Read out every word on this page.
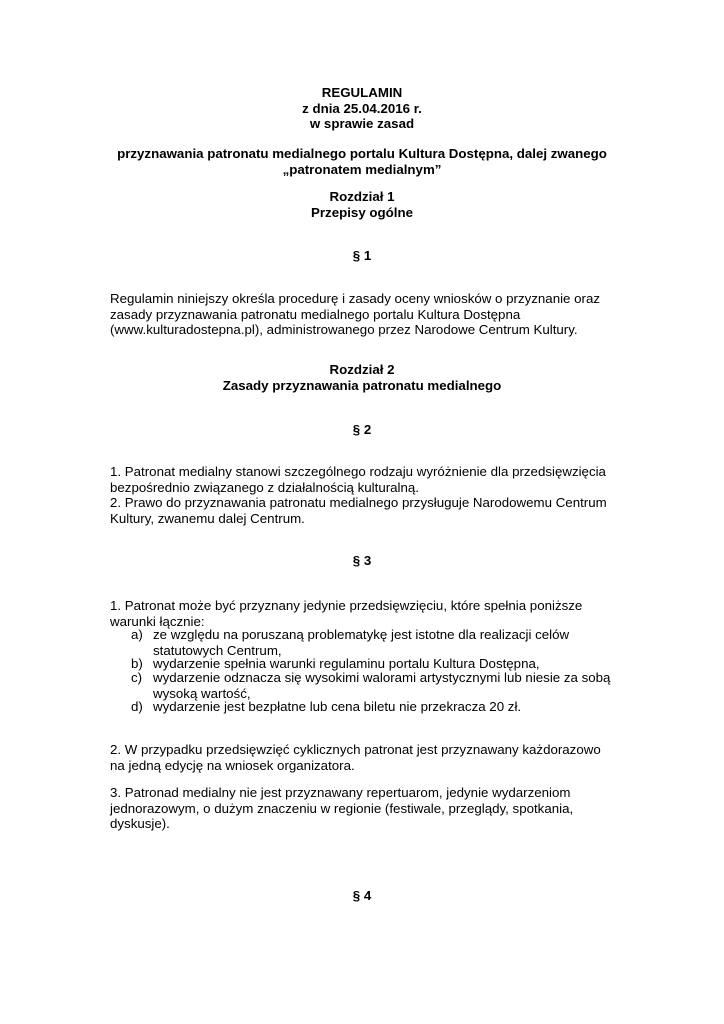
REGULAMIN
z dnia 25.04.2016 r.
w sprawie zasad
przyznawania patronatu medialnego portalu Kultura Dostępna, dalej zwanego
„patronatem medialnym”
Rozdział 1
Przepisy ogólne
§ 1
Regulamin niniejszy określa procedurę i zasady oceny wniosków o przyznanie oraz
zasady przyznawania patronatu medialnego portalu Kultura Dostępna
(www.kulturadostepna.pl), administrowanego przez Narodowe Centrum Kultury.
Rozdział 2
Zasady przyznawania patronatu medialnego
§ 2
1. Patronat medialny stanowi szczególnego rodzaju wyróżnienie dla przedsięwzięcia
bezpośrednio związanego z działalnością kulturalną.
2. Prawo do przyznawania patronatu medialnego przysługuje Narodowemu Centrum
Kultury, zwanemu dalej Centrum.
§ 3
1. Patronat może być przyznany jedynie przedsięwzięciu, które spełnia poniższe
warunki łącznie:
a) ze względu na poruszaną problematykę jest istotne dla realizacji celów
statutowych Centrum,
b) wydarzenie spełnia warunki regulaminu portalu Kultura Dostępna,
c) wydarzenie odznacza się wysokimi walorami artystycznymi lub niesie za sobą
wysoką wartość,
d) wydarzenie jest bezpłatne lub cena biletu nie przekracza 20 zł.
2. W przypadku przedsięwzięć cyklicznych patronat jest przyznawany każdorazowo
na jedną edycję na wniosek organizatora.
3. Patronad medialny nie jest przyznawany repertuarom, jedynie wydarzeniom
jednorazowym, o dużym znaczeniu w regionie (festiwale, przeglądy, spotkania,
dyskusje).
§ 4
